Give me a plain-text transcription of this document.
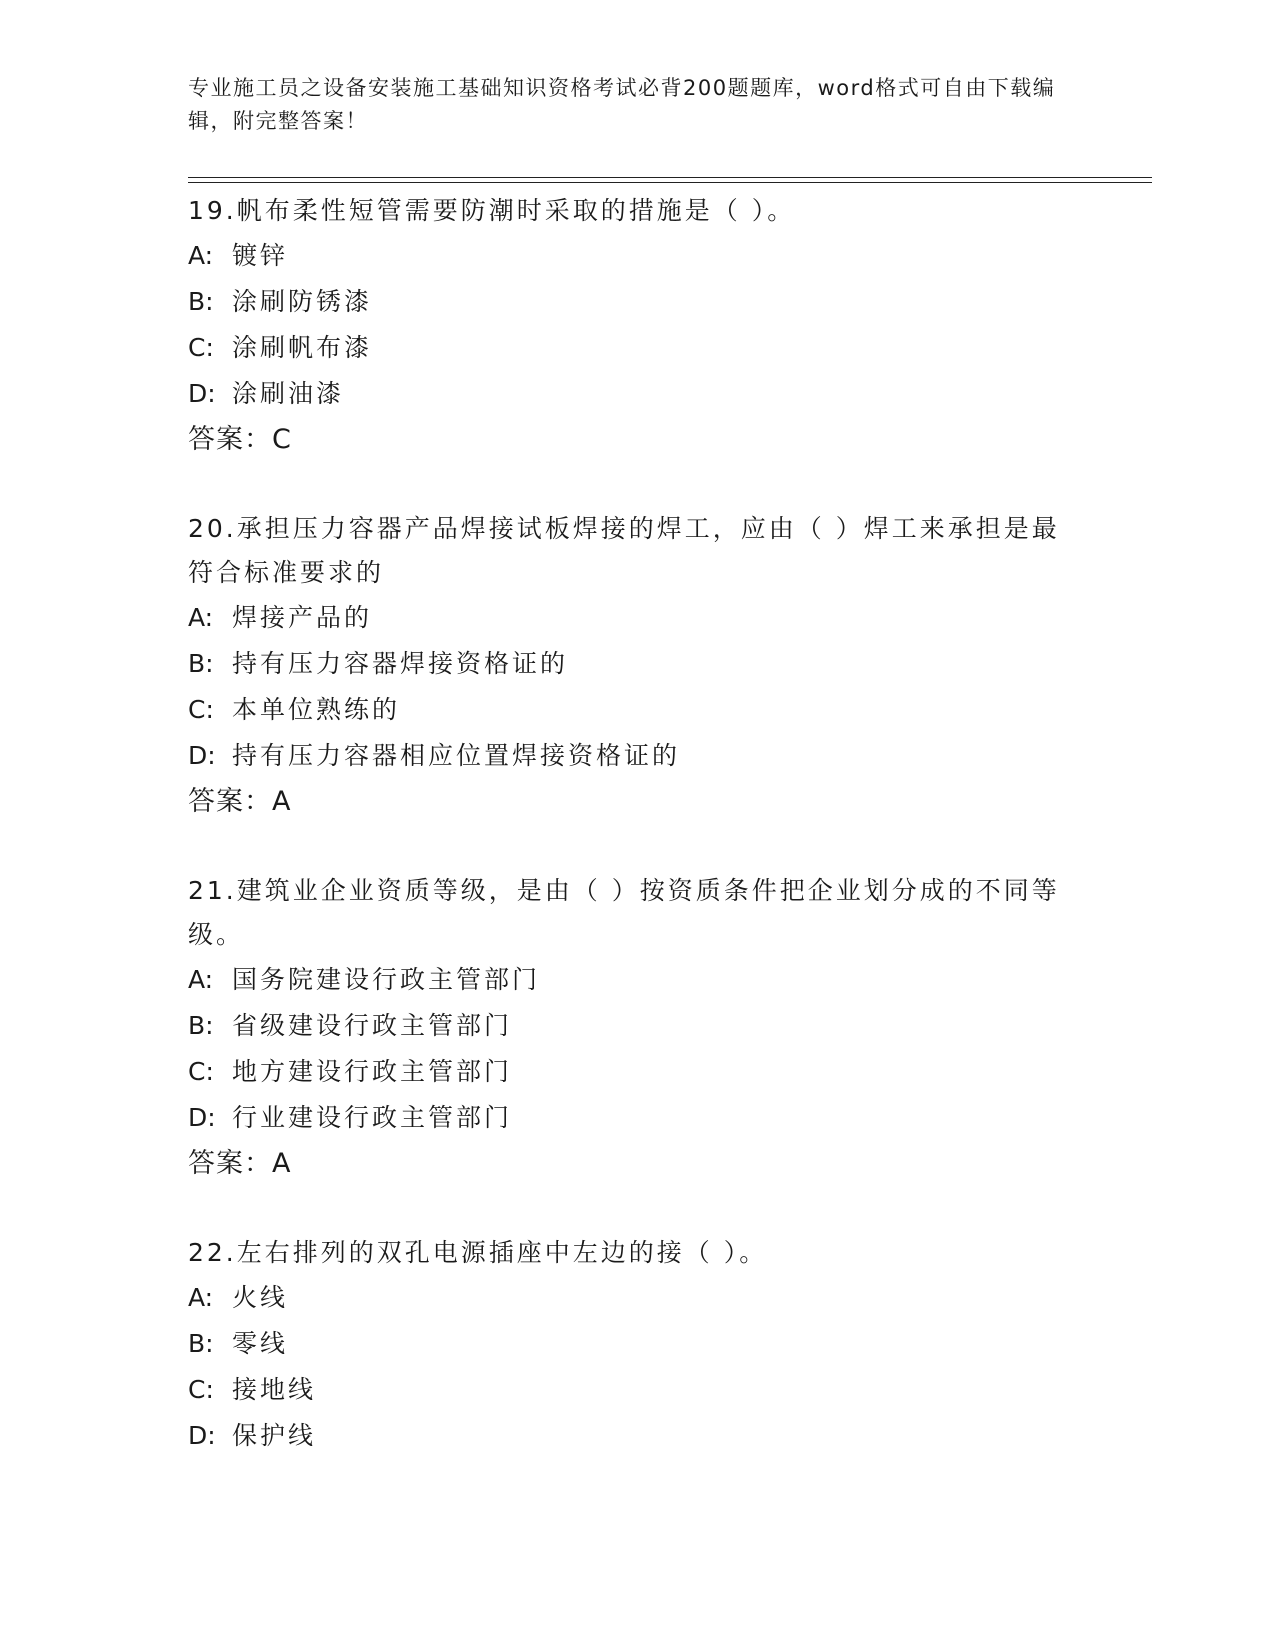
专业施工员之设备安装施工基础知识资格考试必背200题题库，word格式可自由下载编辑，附完整答案！

19.帆布柔性短管需要防潮时采取的措施是（ ）。

A: 镀锌

B: 涂刷防锈漆

C: 涂刷帆布漆

D: 涂刷油漆

答案：C

20.承担压力容器产品焊接试板焊接的焊工，应由（ ）焊工来承担是最符合标准要求的

A: 焊接产品的

B: 持有压力容器焊接资格证的

C: 本单位熟练的

D: 持有压力容器相应位置焊接资格证的

答案：A

21.建筑业企业资质等级，是由（ ）按资质条件把企业划分成的不同等级。

A: 国务院建设行政主管部门

B: 省级建设行政主管部门

C: 地方建设行政主管部门

D: 行业建设行政主管部门

答案：A

22.左右排列的双孔电源插座中左边的接（ ）。

A: 火线

B: 零线

C: 接地线

D: 保护线
